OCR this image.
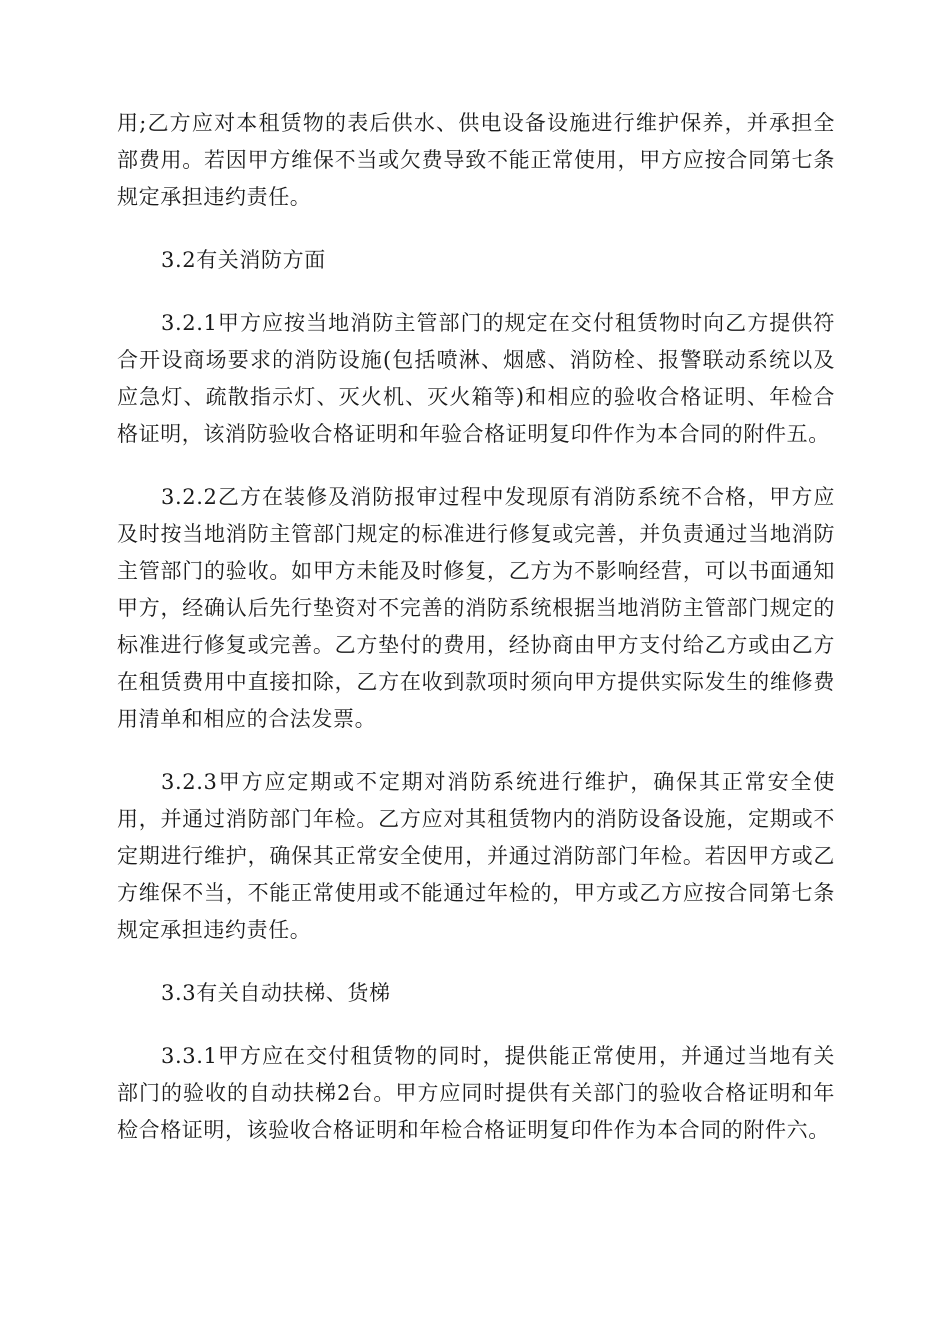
用;乙方应对本租赁物的表后供水、供电设备设施进行维护保养，并承担全部费用。若因甲方维保不当或欠费导致不能正常使用，甲方应按合同第七条规定承担违约责任。

3.2有关消防方面

3.2.1甲方应按当地消防主管部门的规定在交付租赁物时向乙方提供符合开设商场要求的消防设施(包括喷淋、烟感、消防栓、报警联动系统以及应急灯、疏散指示灯、灭火机、灭火箱等)和相应的验收合格证明、年检合格证明，该消防验收合格证明和年验合格证明复印件作为本合同的附件五。

3.2.2乙方在装修及消防报审过程中发现原有消防系统不合格，甲方应及时按当地消防主管部门规定的标准进行修复或完善，并负责通过当地消防主管部门的验收。如甲方未能及时修复，乙方为不影响经营，可以书面通知甲方，经确认后先行垫资对不完善的消防系统根据当地消防主管部门规定的标准进行修复或完善。乙方垫付的费用，经协商由甲方支付给乙方或由乙方在租赁费用中直接扣除，乙方在收到款项时须向甲方提供实际发生的维修费用清单和相应的合法发票。

3.2.3甲方应定期或不定期对消防系统进行维护，确保其正常安全使用，并通过消防部门年检。乙方应对其租赁物内的消防设备设施，定期或不定期进行维护，确保其正常安全使用，并通过消防部门年检。若因甲方或乙方维保不当，不能正常使用或不能通过年检的，甲方或乙方应按合同第七条规定承担违约责任。

3.3有关自动扶梯、货梯

3.3.1甲方应在交付租赁物的同时，提供能正常使用，并通过当地有关部门的验收的自动扶梯2台。甲方应同时提供有关部门的验收合格证明和年检合格证明，该验收合格证明和年检合格证明复印件作为本合同的附件六。
